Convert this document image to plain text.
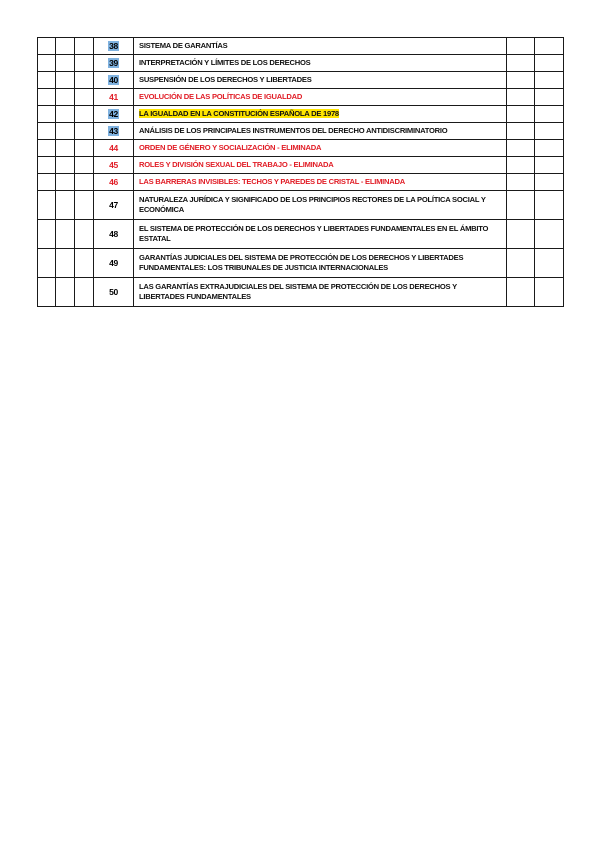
			38	SISTEMA DE GARANTÍAS		
			39	INTERPRETACIÓN Y LÍMITES DE LOS DERECHOS		
			40	SUSPENSIÓN DE LOS DERECHOS Y LIBERTADES		
			41	EVOLUCIÓN DE LAS POLÍTICAS DE IGUALDAD		
			42	LA IGUALDAD EN LA CONSTITUCIÓN ESPAÑOLA DE 1978		
			43	ANÁLISIS DE LOS PRINCIPALES INSTRUMENTOS DEL DERECHO ANTIDISCRIMINATORIO		
			44	ORDEN DE GÉNERO Y SOCIALIZACIÓN - ELIMINADA		
			45	ROLES Y DIVISIÓN SEXUAL DEL TRABAJO - ELIMINADA		
			46	LAS BARRERAS INVISIBLES: TECHOS Y PAREDES DE CRISTAL - ELIMINADA		
			47	NATURALEZA JURÍDICA Y SIGNIFICADO DE LOS PRINCIPIOS RECTORES DE LA POLÍTICA SOCIAL Y ECONÓMICA		
			48	EL SISTEMA DE PROTECCIÓN DE LOS DERECHOS Y LIBERTADES FUNDAMENTALES EN EL ÁMBITO ESTATAL		
			49	GARANTÍAS JUDICIALES DEL SISTEMA DE PROTECCIÓN DE LOS DERECHOS Y LIBERTADES FUNDAMENTALES: LOS TRIBUNALES DE JUSTICIA INTERNACIONALES		
			50	LAS GARANTÍAS EXTRAJUDICIALES DEL SISTEMA DE PROTECCIÓN DE LOS DERECHOS Y LIBERTADES FUNDAMENTALES		
